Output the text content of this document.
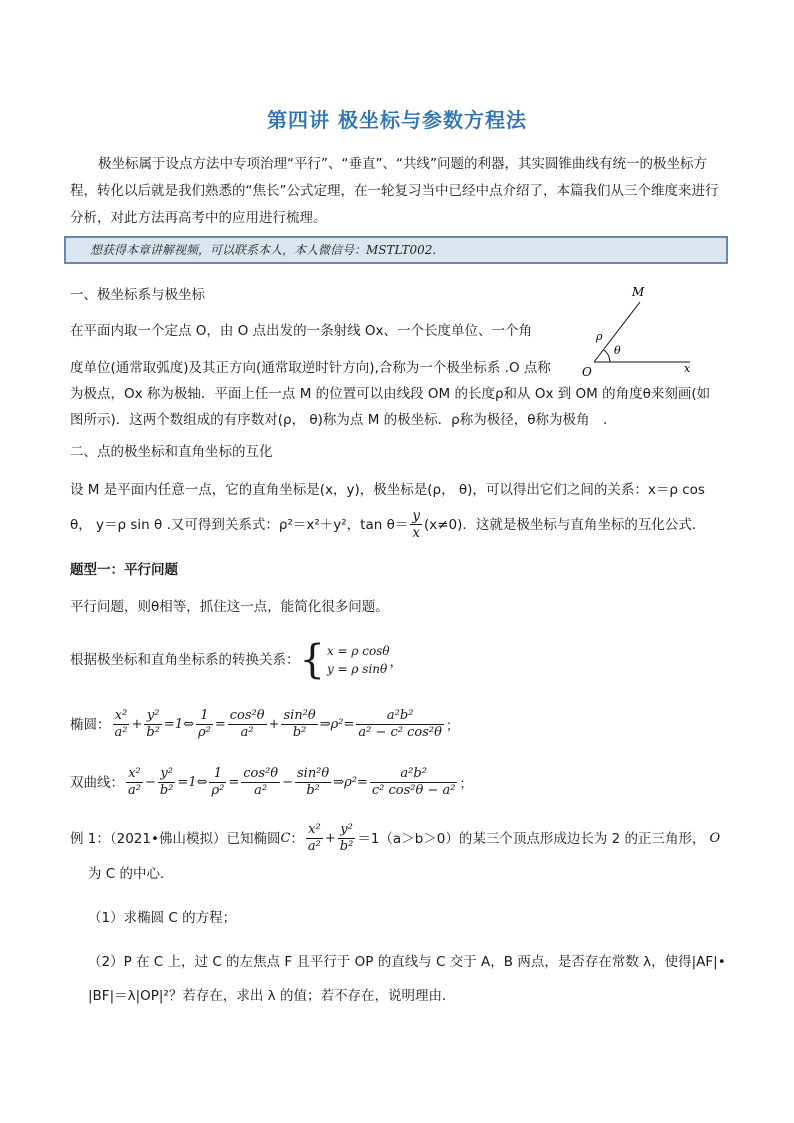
第四讲 极坐标与参数方程法
极坐标属于设点方法中专项治理“平行”、“垂直”、“共线”问题的利器，其实圆锥曲线有统一的极坐标方程，转化以后就是我们熟悉的“焦长”公式定理，在一轮复习当中已经中点介绍了，本篇我们从三个维度来进行分析，对此方法再高考中的应用进行梳理。
想获得本章讲解视频，可以联系本人，本人微信号：MSTLT002.
一、极坐标系与极坐标
在平面内取一个定点 O，由 O 点出发的一条射线 Ox、一个长度单位、一个角
度单位(通常取弧度)及其正方向(通常取逆时针方向),合称为一个极坐标系 .O 点称
为极点，Ox 称为极轴．平面上任一点 M 的位置可以由线段 OM 的长度ρ和从 Ox 到 OM 的角度θ来刻画(如
图所示)．这两个数组成的有序数对(ρ， θ)称为点 M 的极坐标．ρ称为极径，θ称为极角　.
M
O	x
ρ
θ
二、点的极坐标和直角坐标的互化
设 M 是平面内任意一点，它的直角坐标是(x，y)，极坐标是(ρ， θ)，可以得出它们之间的关系：x＝ρ cos
θ， y＝ρ sin θ .又可得到关系式：ρ²＝x²＋y²，$\tan \theta= \frac{y}{x} (x\ne 0)$．这就是极坐标与直角坐标的互化公式．
题型一：平行问题
平行问题，则θ相等，抓住这一点，能简化很多问题。
根据极坐标和直角坐标系的转换关系： { x = ρ cosθ
y = ρ sinθ ，
椭圆： $\frac{\text{x²}}{\text{a²}} + \frac{\text{y²}}{\text{b²}}$ =1⇔ $\frac{1}{\text{ρ²}} = \frac{\text{cos²θ}}{\text{a²}} + \frac{\text{sin²θ}}{\text{b²}}$ ⇒ρ²= $\frac{\text{a²b²}}{\text{a² − c² cos²θ}}$ ；
双曲线： $\frac{\text{x²}}{\text{a²}} - \frac{\text{y²}}{\text{b²}}$ =1⇔ $\frac{1}{\text{ρ²}} = \frac{\text{cos²θ}}{\text{a²}} - \frac{\text{sin²θ}}{\text{b²}}$ ⇒ρ²= $\frac{\text{a²b²}}{\text{c² cos²θ − a²}}$ ；
例 1：（2021•佛山模拟）已知椭圆 C ： $\frac{\text{x²}}{\text{a²}} + \frac{\text{y²}}{\text{b²}} =1(a>b>0)$的某三个顶点形成边长为 2 的正三角形， O
为 C 的中心．
（1）求椭圆 C 的方程；
（2）P 在 C 上，过 C 的左焦点 F 且平行于 OP 的直线与 C 交于 A，B 两点，是否存在常数 λ，使得|AF|•
|BF|＝λ|OP|²？若存在，求出 λ 的值；若不存在，说明理由．
